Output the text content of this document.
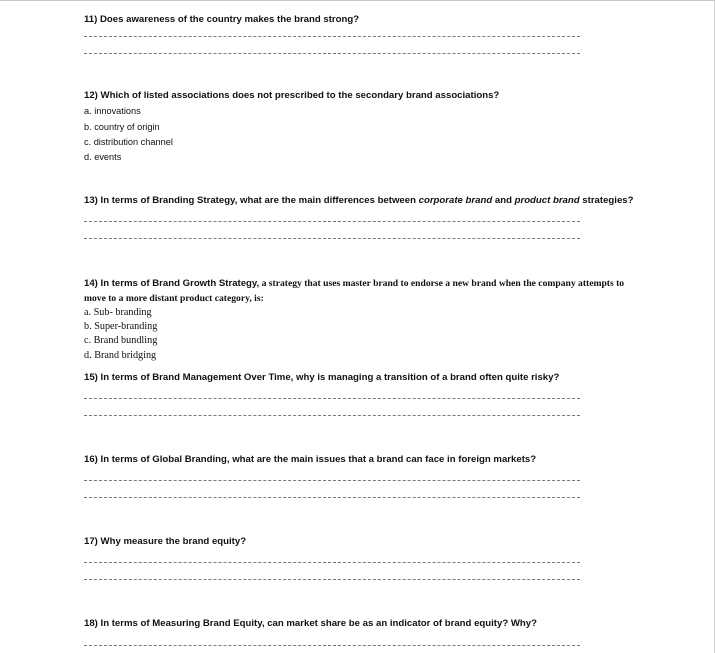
11) Does awareness of the country makes the brand strong?
12) Which of listed associations does not prescribed to the secondary brand associations?
a. innovations
b. country of origin
c. distribution channel
d. events
13) In terms of Branding Strategy, what are the main differences between corporate brand and product brand strategies?
14) In terms of Brand Growth Strategy, a strategy that uses master brand to endorse a new brand when the company attempts to
move to a more distant product category, is:
a. Sub- branding
b. Super-branding
c. Brand bundling
d. Brand bridging
15) In terms of Brand Management Over Time, why is managing a transition of a brand often quite risky?
16) In terms of Global Branding, what are the main issues that a brand can face in foreign markets?
17) Why measure the brand equity?
18) In terms of Measuring Brand Equity, can market share be as an indicator of brand equity? Why?
